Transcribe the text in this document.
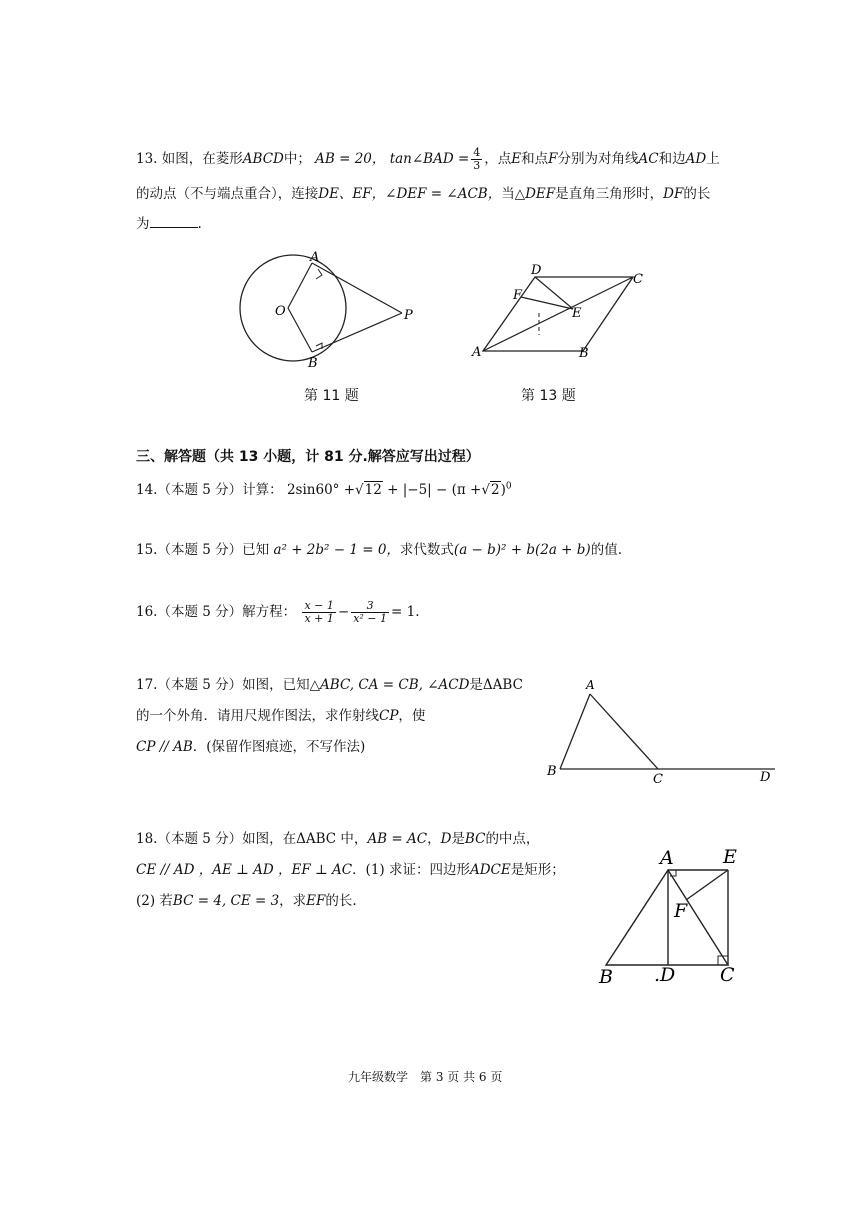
13. 如图，在菱形ABCD中； AB = 20， tan∠BAD = $\frac{4}{3}$ ，点E和点F分别为对角线AC和边AD上
的动点（不与端点重合），连接DE、EF，∠DEF = ∠ACB，当△DEF是直角三角形时，DF的长
为	.
A
B
O	P
第 11 题
D
C
F
E
A	B
第 13 题
三、解答题（共 13 小题，计 81 分.解答应写出过程）
14.（本题 5 分）计算： $2\sin 60^\circ +√12 + |-5| - (\pi +√2)^0$
15.（本题 5 分）已知 a² + 2b² − 1 = 0，求代数式(a − b)² + b(2a + b)的值.
16.（本题 5 分）解方程： $\frac{x - 1}{x + 1} - \frac{3}{\text{x² − 1}} = 1$.
17.（本题 5 分）如图，已知△ABC, CA = CB, ∠ACD是ΔABC
的一个外角．请用尺规作图法，求作射线CP，使
CP // AB．(保留作图痕迹，不写作法)
A
B
C	D
18.（本题 5 分）如图，在ΔABC 中，AB = AC，D是BC的中点，
CE // AD ，AE ⊥ AD ，EF ⊥ AC．(1) 求证：四边形ADCE是矩形；
(2) 若BC = 4, CE = 3，求EF的长.
A	E
F
B .D C
九年级数学　第 3 页 共 6 页
